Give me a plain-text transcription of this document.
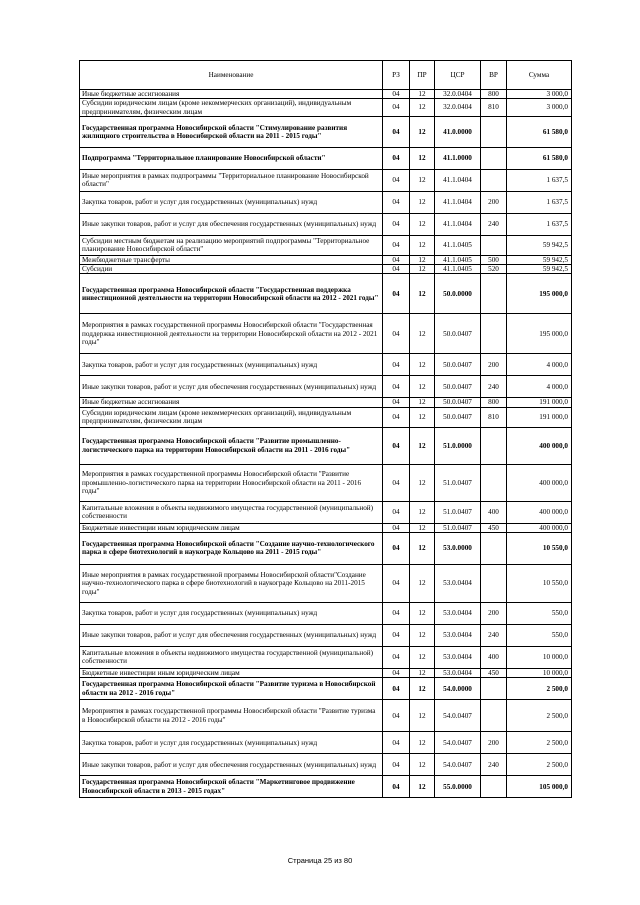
Наименование	РЗ	ПР	ЦСР	ВР	Сумма
Иные бюджетные ассигнования	04	12	32.0.0404	800	3 000,0
Субсидии юридическим лицам (кроме некоммерческих организаций), индивидуальным предпринимателям, физическим лицам	04	12	32.0.0404	810	3 000,0
Государственная программа Новосибирской области "Стимулирование развития жилищного строительства в Новосибирской области на 2011 - 2015 годы"	04	12	41.0.0000		61 580,0
Подпрограмма "Территориальное планирование Новосибирской области"	04	12	41.1.0000		61 580,0
Иные мероприятия в рамках подпрограммы "Территориальное планирование Новосибирской области"	04	12	41.1.0404		1 637,5
Закупка товаров, работ и услуг для государственных (муниципальных) нужд	04	12	41.1.0404	200	1 637,5
Иные закупки товаров, работ и услуг для обеспечения государственных (муниципальных) нужд	04	12	41.1.0404	240	1 637,5
Субсидии местным бюджетам на реализацию мероприятий подпрограммы "Территориальное планирование Новосибирской области"	04	12	41.1.0405		59 942,5
Межбюджетные трансферты	04	12	41.1.0405	500	59 942,5
Субсидии	04	12	41.1.0405	520	59 942,5
Государственная программа Новосибирской области "Государственная поддержка инвестиционной деятельности на территории Новосибирской области на 2012 - 2021 годы"	04	12	50.0.0000		195 000,0
Мероприятия в рамках государственной программы Новосибирской области "Государственная поддержка инвестиционной деятельности на территории Новосибирской области на 2012 - 2021 годы"	04	12	50.0.0407		195 000,0
Закупка товаров, работ и услуг для государственных (муниципальных) нужд	04	12	50.0.0407	200	4 000,0
Иные закупки товаров, работ и услуг для обеспечения государственных (муниципальных) нужд	04	12	50.0.0407	240	4 000,0
Иные бюджетные ассигнования	04	12	50.0.0407	800	191 000,0
Субсидии юридическим лицам (кроме некоммерческих организаций), индивидуальным предпринимателям, физическим лицам	04	12	50.0.0407	810	191 000,0
Государственная программа Новосибирской области "Развитие промышленно-логистического парка на территории Новосибирской области на 2011 - 2016 годы"	04	12	51.0.0000		400 000,0
Мероприятия в рамках государственной программы Новосибирской области "Развитие промышленно-логистического парка на территории Новосибирской области на 2011 - 2016 годы"	04	12	51.0.0407		400 000,0
Капитальные вложения в объекты недвижимого имущества государственной (муниципальной) собственности	04	12	51.0.0407	400	400 000,0
Бюджетные инвестиции иным юридическим лицам	04	12	51.0.0407	450	400 000,0
Государственная программа Новосибирской области "Создание научно-технологического парка в сфере биотехнологий в наукограде Кольцово на 2011 - 2015 годы"	04	12	53.0.0000		10 550,0
Иные мероприятия в рамках государственной программы Новосибирской области"Создание научно-технологического парка в сфере биотехнологий в наукограде Кольцово на 2011-2015 годы"	04	12	53.0.0404		10 550,0
Закупка товаров, работ и услуг для государственных (муниципальных) нужд	04	12	53.0.0404	200	550,0
Иные закупки товаров, работ и услуг для обеспечения государственных (муниципальных) нужд	04	12	53.0.0404	240	550,0
Капитальные вложения в объекты недвижимого имущества государственной (муниципальной) собственности	04	12	53.0.0404	400	10 000,0
Бюджетные инвестиции иным юридическим лицам	04	12	53.0.0404	450	10 000,0
Государственная программа Новосибирской области "Развитие туризма в Новосибирской области на 2012 - 2016 годы"	04	12	54.0.0000		2 500,0
Мероприятия в рамках государственной программы Новосибирской области "Развитие туризма в Новосибирской области на 2012 - 2016 годы"	04	12	54.0.0407		2 500,0
Закупка товаров, работ и услуг для государственных (муниципальных) нужд	04	12	54.0.0407	200	2 500,0
Иные закупки товаров, работ и услуг для обеспечения государственных (муниципальных) нужд	04	12	54.0.0407	240	2 500,0
Государственная программа Новосибирской области "Маркетинговое продвижение Новосибирской области в 2013 - 2015 годах"	04	12	55.0.0000		105 000,0
Страница 25 из 80
